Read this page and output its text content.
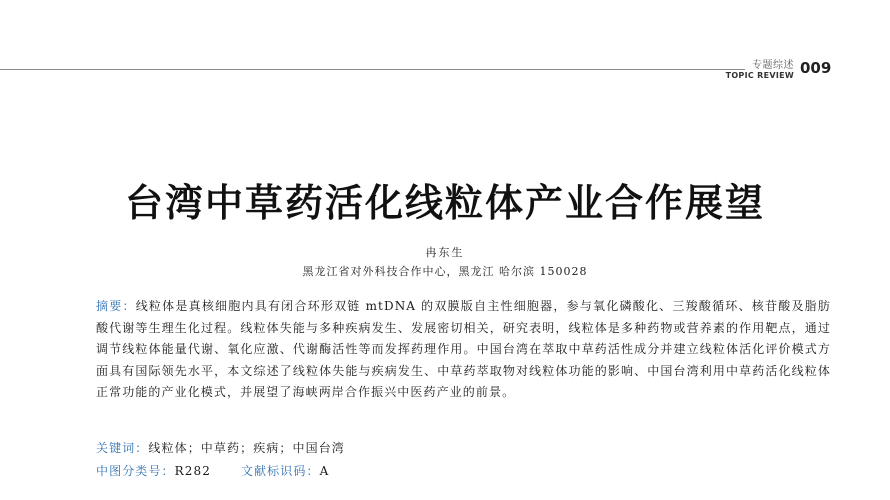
专题综述
TOPIC REVIEW 009
台湾中草药活化线粒体产业合作展望
冉东生
黑龙江省对外科技合作中心，黑龙江 哈尔滨 150028

摘要：线粒体是真核细胞内具有闭合环形双链 mtDNA 的双膜版自主性细胞器，参与氧化磷酸化、三羧酸循环、核苷酸及脂肪酸代谢等生理生化过程。线粒体失能与多种疾病发生、发展密切相关，研究表明，线粒体是多种药物或营养素的作用靶点，通过调节线粒体能量代谢、氧化应激、代谢酶活性等而发挥药理作用。中国台湾在萃取中草药活性成分并建立线粒体活化评价模式方面具有国际领先水平，本文综述了线粒体失能与疾病发生、中草药萃取物对线粒体功能的影响、中国台湾利用中草药活化线粒体正常功能的产业化模式，并展望了海峡两岸合作振兴中医药产业的前景。

关键词：线粒体；中草药；疾病；中国台湾
中图分类号：R282	文献标识码：A
